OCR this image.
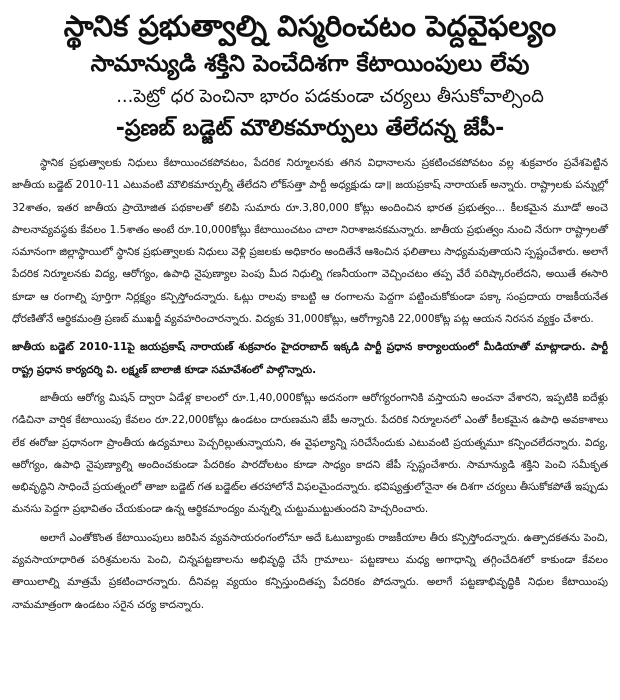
స్థానిక ప్రభుత్వాల్ని విస్మరించటం పెద్దవైఫల్యం
సామాన్యుడి శక్తిని పెంచేదిశగా కేటాయింపులు లేవు
...పెట్రో ధర పెంచినా భారం పడకుండా చర్యలు తీసుకోవాల్సింది
-ప్రణబ్ బడ్జెట్ మౌలికమార్పులు తేలేదన్న జేపీ-

స్థానిక ప్రభుత్వాలకు నిధులు కేటాయించకపోవటం, పేదరిక నిర్మూలనకు తగిన విధానాలను ప్రకటించకపోవటం వల్ల శుక్రవారం ప్రవేశపెట్టిన జాతీయ బడ్జెట్ 2010-11 ఎటువంటి మౌలికమార్పుల్నీ తేలేదని లోక్‌సత్తా పార్టీ అధ్యక్షుడు డా॥ జయప్రకాష్ నారాయణ్ అన్నారు. రాష్ట్రాలకు పన్నుల్లో 32శాతం, ఇతర జాతీయ ప్రాయోజిత పథకాలతో కలిపి సుమారు రూ.3,80,000 కోట్లు అందించిన భారత ప్రభుత్వం... కీలకమైన మూడో అంచె పాలనావ్యవస్థకు కేవలం 1.5శాతం అంటే రూ.10,000కోట్లు కేటాయించటం చాలా నిరాశాజనకమన్నారు. జాతీయ ప్రభుత్వం నుంచి నేరుగా రాష్ట్రాలతో సమానంగా జిల్లాస్థాయిలో స్థానిక ప్రభుత్వాలకు నిధులు వెళ్లి ప్రజలకు అధికారం అందితేనే ఆశించిన ఫలితాలు సాధ్యమవుతాయని స్పష్టంచేశారు. అలాగే పేదరిక నిర్మూలనకు విద్య, ఆరోగ్యం, ఉపాధి నైపుణ్యాల పెంపు మీద నిధుల్ని గణనీయంగా వెచ్చించటం తప్ప వేరే పరిష్కారంలేదని, అయితే ఈసారి కూడా ఆ రంగాల్ని పూర్తిగా నిర్లక్ష్యం కన్పిస్తోందన్నారు. ఓట్లు రాలవు కాబట్టి ఆ రంగాలను పెద్దగా పట్టించుకోకుండా పక్కా సంప్రదాయ రాజకీయనేత ధోరణితోనే ఆర్థికమంత్రి ప్రణబ్ ముఖర్జీ వ్యవహరించారన్నారు. విద్యకు 31,000కోట్లు, ఆరోగ్యానికి 22,000కోట్ల పట్ల ఆయన నిరసన వ్యక్తం చేశారు.

జాతీయ బడ్జెట్ 2010-11పై జయప్రకాష్ నారాయణ్ శుక్రవారం హైదరాబాద్ ఇక్కడి పార్టీ ప్రధాన కార్యాలయంలో మీడియాతో మాట్లాడారు. పార్టీ రాష్ట్ర ప్రధాన కార్యదర్శి వి. లక్ష్మణ్ బాలాజీ కూడా సమావేశంలో పాల్గొన్నారు.

జాతీయ ఆరోగ్య మిషన్ ద్వారా ఏడేళ్ల కాలంలో రూ.1,40,000కోట్లు అదనంగా ఆరోగ్యరంగానికి వస్తాయని అంచనా వేశారని, ఇప్పటికి ఐదేళ్లు గడిచినా వార్షిక కేటాయింపు కేవలం రూ.22,000కోట్లు ఉండటం దారుణమని జేపీ అన్నారు. పేదరిక నిర్మూలనలో ఎంతో కీలకమైన ఉపాధి అవకాశాలు లేక ఈరోజు ప్రధానంగా ప్రాంతీయ ఉద్యమాలు పెచ్చరిల్లుతున్నాయని, ఈ వైఫల్యాన్ని సరిచేసేందుకు ఎటువంటి ప్రయత్నమూ కన్పించలేదన్నారు. విద్య, ఆరోగ్యం, ఉపాధి నైపుణ్యాల్ని అందించకుండా పేదరికం పారదోలటం కూడా సాధ్యం కాదని జేపీ స్పష్టంచేశారు. సామాన్యుడి శక్తిని పెంచి సమీకృత అభివృద్ధిని సాధించే ప్రయత్నంలో తాజా బడ్జెట్ గత బడ్జెట్‌ల తరహాలోనే విఫలమైందన్నారు. భవిష్యత్తులోనైనా ఈ దిశగా చర్యలు తీసుకోకపోతే ఇప్పుడు మనసు పెద్దగా ప్రభావితం చేయకుండా ఉన్న ఆర్థికమాంద్యం మన్నల్ని చుట్టుముట్టుతుందని హెచ్చరించారు.

అలాగే ఎంతోకొంత కేటాయింపులు జరిపిన వ్యవసాయరంగంలోనూ అదే ఓటుబ్యాంకు రాజకీయాల తీరు కన్పిస్తోందన్నారు. ఉత్పాదకతను పెంచి, వ్యవసాయాధారిత పరిశ్రమలను పెంచి, చిన్నపట్టణాలను అభివృద్ధి చేసే గ్రామాలు- పట్టణాలు మధ్య అగాధాన్ని తగ్గించేదిశలో కాకుండా కేవలం తాయిలాల్ని మాత్రమే ప్రకటించారన్నారు. దీనివల్ల వ్యయం కన్పిస్తుందితప్ప పేదరికం పోదన్నారు. అలాగే పట్టణాభివృద్ధికి నిధుల కేటాయింపు నామమాత్రంగా ఉండటం సరైన చర్య కాదన్నారు.
